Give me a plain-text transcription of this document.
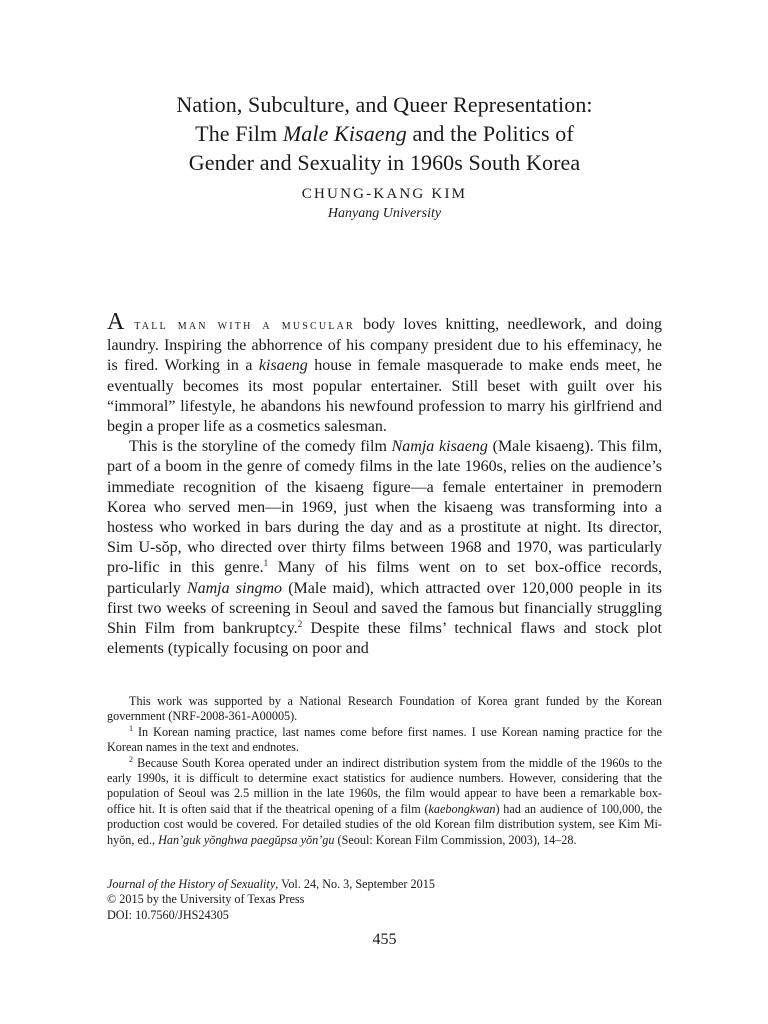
Nation, Subculture, and Queer Representation:
The Film Male Kisaeng and the Politics of
Gender and Sexuality in 1960s South Korea
CHUNG-KANG KIM
Hanyang University

A tall man with a muscular body loves knitting, needlework, and doing laundry. Inspiring the abhorrence of his company president due to his effeminacy, he is fired. Working in a kisaeng house in female masquerade to make ends meet, he eventually becomes its most popular entertainer. Still beset with guilt over his “immoral” lifestyle, he abandons his newfound profession to marry his girlfriend and begin a proper life as a cosmetics salesman.

This is the storyline of the comedy film Namja kisaeng (Male kisaeng). This film, part of a boom in the genre of comedy films in the late 1960s, relies on the audience’s immediate recognition of the kisaeng figure—a female entertainer in premodern Korea who served men—in 1969, just when the kisaeng was transforming into a hostess who worked in bars during the day and as a prostitute at night. Its director, Sim U-sŏp, who directed over thirty films between 1968 and 1970, was particularly pro-lific in this genre.$^1$ Many of his films went on to set box-office records, particularly Namja singmo (Male maid), which attracted over 120,000 people in its first two weeks of screening in Seoul and saved the famous but financially struggling Shin Film from bankruptcy.$^2$ Despite these films’ technical flaws and stock plot elements (typically focusing on poor and

This work was supported by a National Research Foundation of Korea grant funded by the Korean government (NRF-2008-361-A00005).

$^1$ In Korean naming practice, last names come before first names. I use Korean naming practice for the Korean names in the text and endnotes.

$^2$ Because South Korea operated under an indirect distribution system from the middle of the 1960s to the early 1990s, it is difficult to determine exact statistics for audience numbers. However, considering that the population of Seoul was 2.5 million in the late 1960s, the film would appear to have been a remarkable box-office hit. It is often said that if the theatrical opening of a film (kaebongkwan) had an audience of 100,000, the production cost would be covered. For detailed studies of the old Korean film distribution system, see Kim Mi-hyŏn, ed., Han’guk yŏnghwa paegŭpsa yŏn’gu (Seoul: Korean Film Commission, 2003), 14–28.

Journal of the History of Sexuality, Vol. 24, No. 3, September 2015
© 2015 by the University of Texas Press
DOI: 10.7560/JHS24305
455
